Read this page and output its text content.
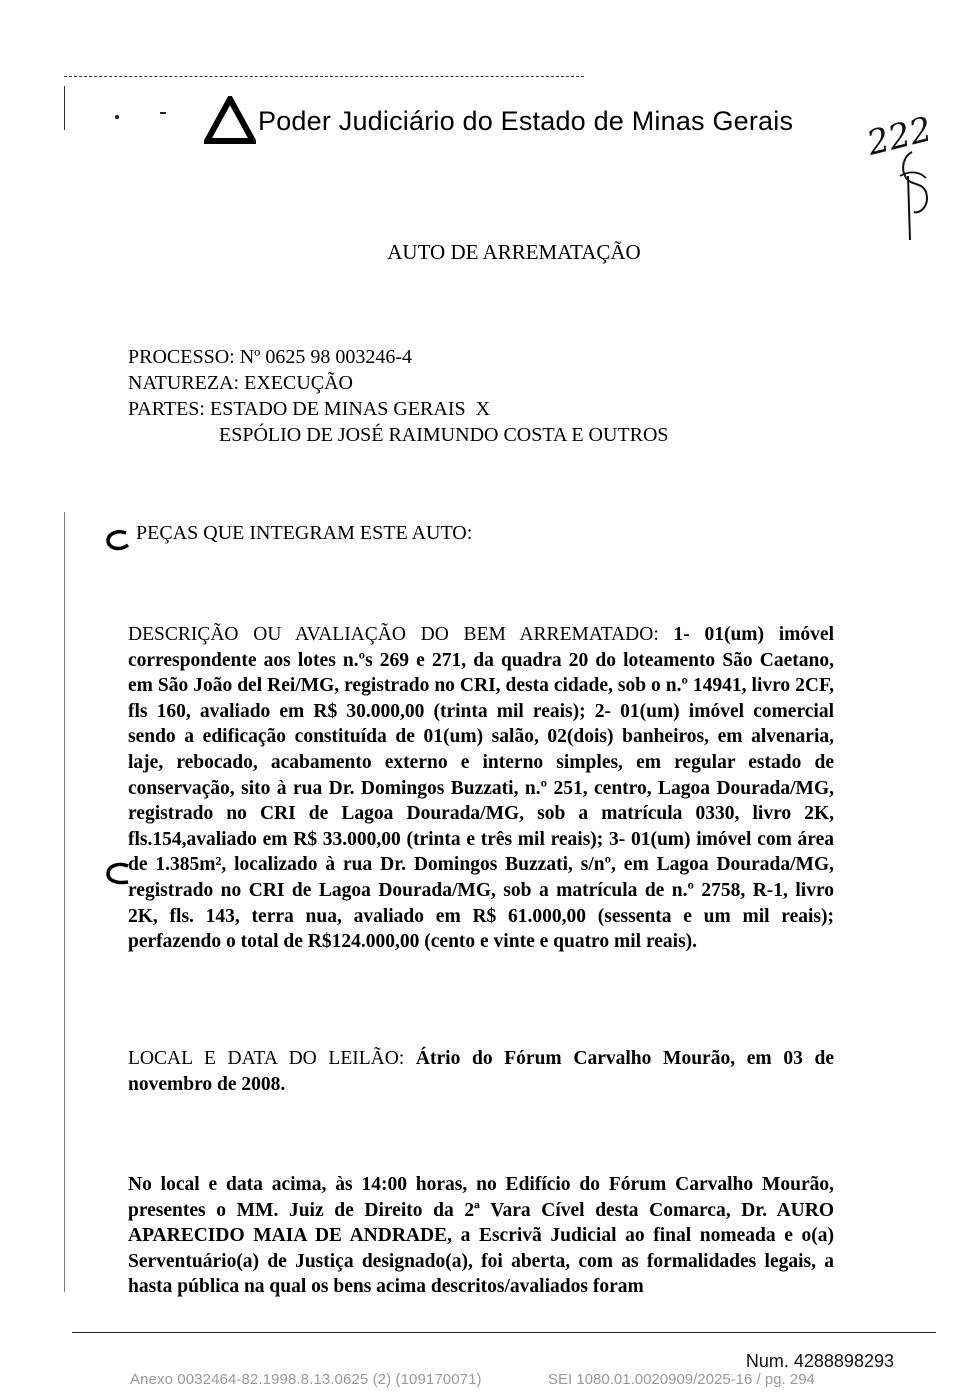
Poder Judiciário do Estado de Minas Gerais 222
AUTO DE ARREMATAÇÃO
PROCESSO: Nº 0625 98 003246-4
NATUREZA: EXECUÇÃO
PARTES: ESTADO DE MINAS GERAIS  X
ESPÓLIO DE JOSÉ RAIMUNDO COSTA E OUTROS
PEÇAS QUE INTEGRAM ESTE AUTO:
DESCRIÇÃO OU AVALIAÇÃO DO BEM ARREMATADO: 1- 01(um) imóvel correspondente aos lotes n.ºs 269 e 271, da quadra 20 do loteamento São Caetano, em São João del Rei/MG, registrado no CRI, desta cidade, sob o n.º 14941, livro 2CF, fls 160, avaliado em R$ 30.000,00 (trinta mil reais); 2- 01(um) imóvel comercial sendo a edificação constituída de 01(um) salão, 02(dois) banheiros, em alvenaria, laje, rebocado, acabamento externo e interno simples, em regular estado de conservação, sito à rua Dr. Domingos Buzzati, n.º 251, centro, Lagoa Dourada/MG, registrado no CRI de Lagoa Dourada/MG, sob a matrícula 0330, livro 2K, fls.154,avaliado em R$ 33.000,00 (trinta e três mil reais); 3- 01(um) imóvel com área de 1.385m², localizado à rua Dr. Domingos Buzzati, s/nº, em Lagoa Dourada/MG, registrado no CRI de Lagoa Dourada/MG, sob a matrícula de n.º 2758, R-1, livro 2K, fls. 143, terra nua, avaliado em R$ 61.000,00 (sessenta e um mil reais); perfazendo o total de R$124.000,00 (cento e vinte e quatro mil reais).
LOCAL E DATA DO LEILÃO: Átrio do Fórum Carvalho Mourão, em 03 de novembro de 2008.
No local e data acima, às 14:00 horas, no Edifício do Fórum Carvalho Mourão, presentes o MM. Juiz de Direito da 2ª Vara Cível desta Comarca, Dr. AURO APARECIDO MAIA DE ANDRADE, a Escrivã Judicial ao final nomeada e o(a) Serventuário(a) de Justiça designado(a), foi aberta, com as formalidades legais, a hasta pública na qual os bens acima descritos/avaliados foram
Num. 4288898293
Anexo 0032464-82.1998.8.13.0625 (2) (109170071)	SEI 1080.01.0020909/2025-16 / pg. 294
